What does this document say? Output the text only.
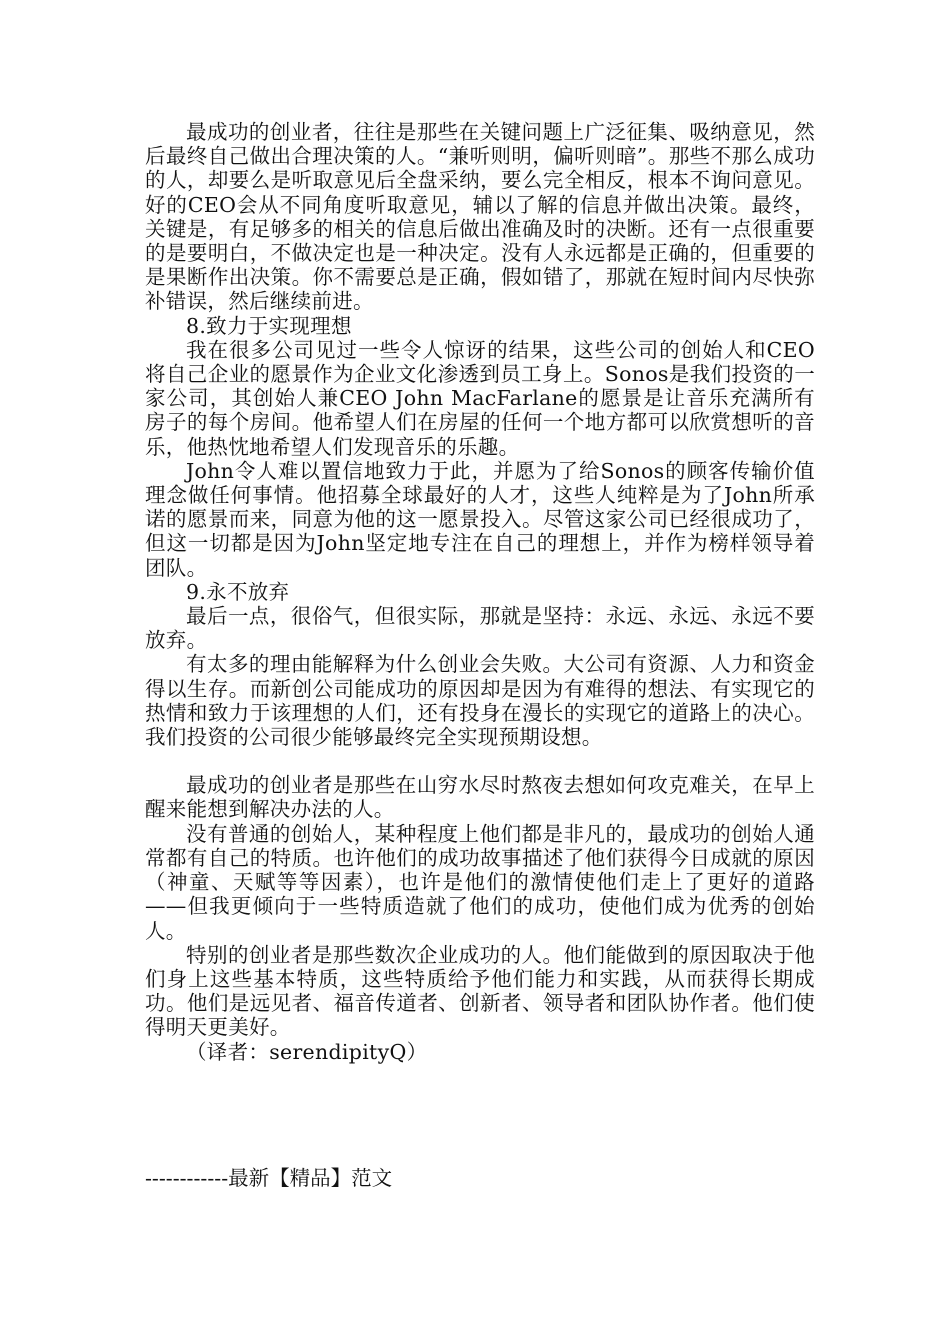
最成功的创业者，往往是那些在关键问题上广泛征集、吸纳意见，然后最终自己做出合理决策的人。“兼听则明，偏听则暗”。那些不那么成功的人，却要么是听取意见后全盘采纳，要么完全相反，根本不询问意见。好的CEO会从不同角度听取意见，辅以了解的信息并做出决策。最终，关键是，有足够多的相关的信息后做出准确及时的决断。还有一点很重要的是要明白，不做决定也是一种决定。没有人永远都是正确的，但重要的是果断作出决策。你不需要总是正确，假如错了，那就在短时间内尽快弥补错误，然后继续前进。

8.致力于实现理想

我在很多公司见过一些令人惊讶的结果，这些公司的创始人和CEO将自己企业的愿景作为企业文化渗透到员工身上。Sonos是我们投资的一家公司，其创始人兼CEO John MacFarlane的愿景是让音乐充满所有房子的每个房间。他希望人们在房屋的任何一个地方都可以欣赏想听的音乐，他热忱地希望人们发现音乐的乐趣。

John令人难以置信地致力于此，并愿为了给Sonos的顾客传输价值理念做任何事情。他招募全球最好的人才，这些人纯粹是为了John所承诺的愿景而来，同意为他的这一愿景投入。尽管这家公司已经很成功了，但这一切都是因为John坚定地专注在自己的理想上，并作为榜样领导着团队。

9.永不放弃

最后一点，很俗气，但很实际，那就是坚持：永远、永远、永远不要放弃。

有太多的理由能解释为什么创业会失败。大公司有资源、人力和资金得以生存。而新创公司能成功的原因却是因为有难得的想法、有实现它的热情和致力于该理想的人们，还有投身在漫长的实现它的道路上的决心。我们投资的公司很少能够最终完全实现预期设想。

最成功的创业者是那些在山穷水尽时熬夜去想如何攻克难关，在早上醒来能想到解决办法的人。

没有普通的创始人，某种程度上他们都是非凡的，最成功的创始人通常都有自己的特质。也许他们的成功故事描述了他们获得今日成就的原因（神童、天赋等等因素），也许是他们的激情使他们走上了更好的道路——但我更倾向于一些特质造就了他们的成功，使他们成为优秀的创始人。

特别的创业者是那些数次企业成功的人。他们能做到的原因取决于他们身上这些基本特质，这些特质给予他们能力和实践，从而获得长期成功。他们是远见者、福音传道者、创新者、领导者和团队协作者。他们使得明天更美好。

（译者：serendipityQ）

------------最新【精品】范文
